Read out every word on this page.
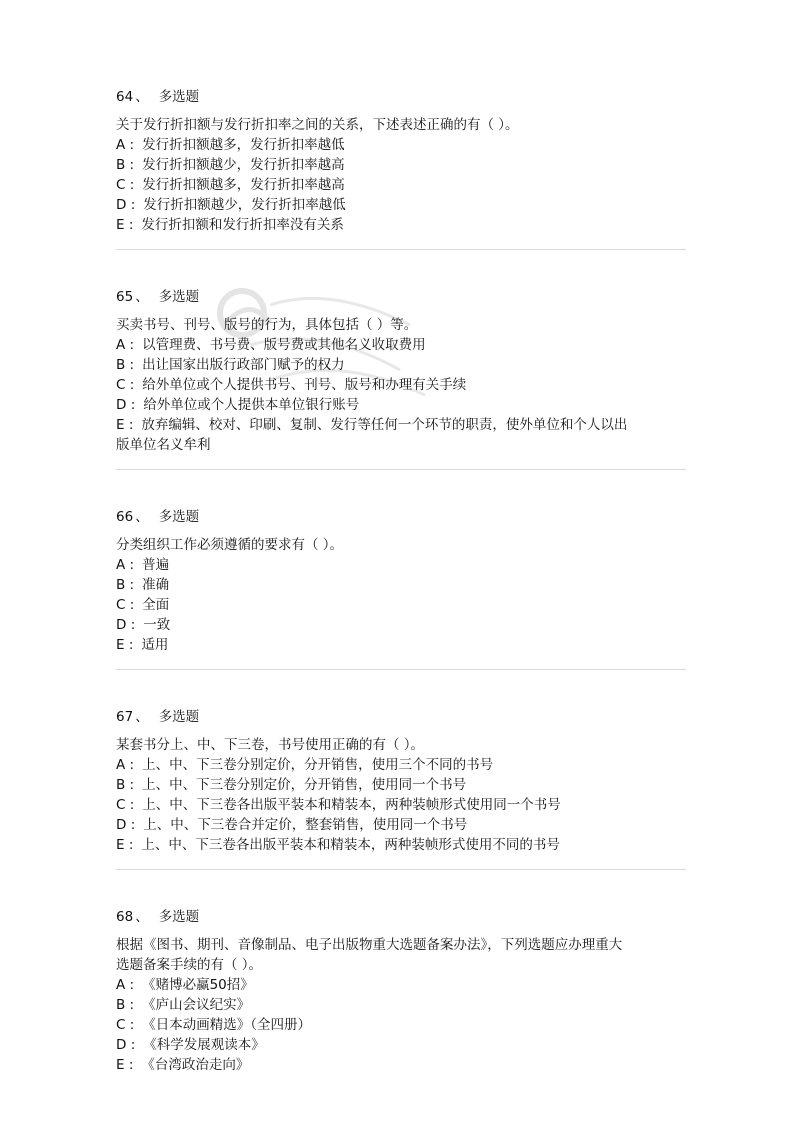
64 、 多选题
关于发行折扣额与发行折扣率之间的关系，下述表述正确的有（ ）。
A : 发行折扣额越多，发行折扣率越低
B : 发行折扣额越少，发行折扣率越高
C : 发行折扣额越多，发行折扣率越高
D : 发行折扣额越少，发行折扣率越低
E : 发行折扣额和发行折扣率没有关系
65 、 多选题
买卖书号、刊号、版号的行为，具体包括（ ）等。
A : 以管理费、书号费、版号费或其他名义收取费用
B : 出让国家出版行政部门赋予的权力
C : 给外单位或个人提供书号、刊号、版号和办理有关手续
D : 给外单位或个人提供本单位银行账号
E : 放弃编辑、校对、印刷、复制、发行等任何一个环节的职责，使外单位和个人以出
版单位名义牟利
66 、 多选题
分类组织工作必须遵循的要求有（ ）。
A : 普遍
B : 准确
C : 全面
D : 一致
E : 适用
67 、 多选题
某套书分上、中、下三卷，书号使用正确的有（ ）。
A : 上、中、下三卷分别定价，分开销售，使用三个不同的书号
B : 上、中、下三卷分别定价，分开销售，使用同一个书号
C : 上、中、下三卷各出版平装本和精装本，两种装帧形式使用同一个书号
D : 上、中、下三卷合并定价，整套销售，使用同一个书号
E : 上、中、下三卷各出版平装本和精装本，两种装帧形式使用不同的书号
68 、 多选题
根据《图书、期刊、音像制品、电子出版物重大选题备案办法》，下列选题应办理重大
选题备案手续的有（ ）。
A : 《赌博必赢50招》
B : 《庐山会议纪实》
C : 《日本动画精选》（全四册）
D : 《科学发展观读本》
E : 《台湾政治走向》
